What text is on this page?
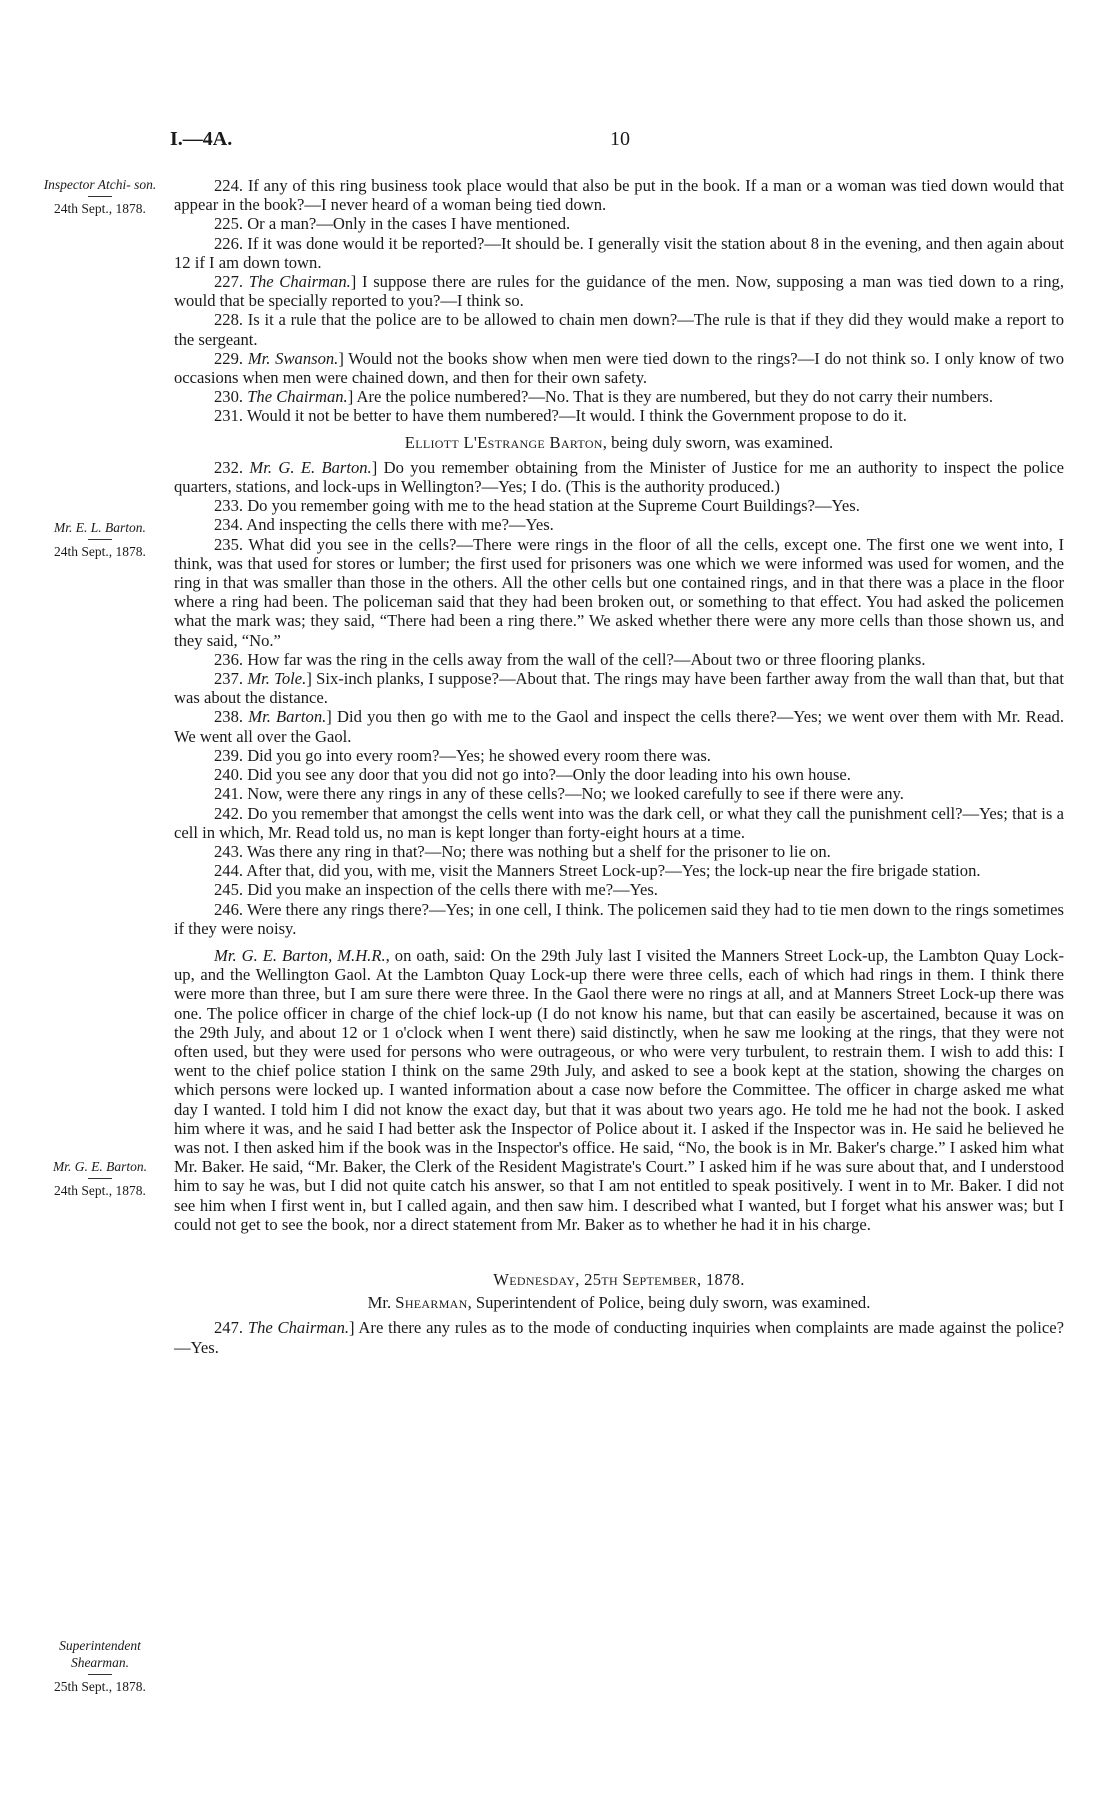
I.—4A.	10
Inspector Atchi- son.
24th Sept., 1878.
Mr. E. L. Barton.
24th Sept., 1878.
Mr. G. E. Barton.
24th Sept., 1878.
Superintendent Shearman.
25th Sept., 1878.

224. If any of this ring business took place would that also be put in the book. If a man or a woman was tied down would that appear in the book?—I never heard of a woman being tied down.

225. Or a man?—Only in the cases I have mentioned.

226. If it was done would it be reported?—It should be. I generally visit the station about 8 in the evening, and then again about 12 if I am down town.

227. The Chairman.] I suppose there are rules for the guidance of the men. Now, supposing a man was tied down to a ring, would that be specially reported to you?—I think so.

228. Is it a rule that the police are to be allowed to chain men down?—The rule is that if they did they would make a report to the sergeant.

229. Mr. Swanson.] Would not the books show when men were tied down to the rings?—I do not think so. I only know of two occasions when men were chained down, and then for their own safety.

230. The Chairman.] Are the police numbered?—No. That is they are numbered, but they do not carry their numbers.

231. Would it not be better to have them numbered?—It would. I think the Government propose to do it.

Elliott L'Estrange Barton, being duly sworn, was examined.

232. Mr. G. E. Barton.] Do you remember obtaining from the Minister of Justice for me an authority to inspect the police quarters, stations, and lock-ups in Wellington?—Yes; I do. (This is the authority produced.)

233. Do you remember going with me to the head station at the Supreme Court Buildings?—Yes.

234. And inspecting the cells there with me?—Yes.

235. What did you see in the cells?—There were rings in the floor of all the cells, except one. The first one we went into, I think, was that used for stores or lumber; the first used for prisoners was one which we were informed was used for women, and the ring in that was smaller than those in the others. All the other cells but one contained rings, and in that there was a place in the floor where a ring had been. The policeman said that they had been broken out, or something to that effect. You had asked the policemen what the mark was; they said, “There had been a ring there.” We asked whether there were any more cells than those shown us, and they said, “No.”

236. How far was the ring in the cells away from the wall of the cell?—About two or three flooring planks.

237. Mr. Tole.] Six-inch planks, I suppose?—About that. The rings may have been farther away from the wall than that, but that was about the distance.

238. Mr. Barton.] Did you then go with me to the Gaol and inspect the cells there?—Yes; we went over them with Mr. Read. We went all over the Gaol.

239. Did you go into every room?—Yes; he showed every room there was.

240. Did you see any door that you did not go into?—Only the door leading into his own house.

241. Now, were there any rings in any of these cells?—No; we looked carefully to see if there were any.

242. Do you remember that amongst the cells went into was the dark cell, or what they call the punishment cell?—Yes; that is a cell in which, Mr. Read told us, no man is kept longer than forty-eight hours at a time.

243. Was there any ring in that?—No; there was nothing but a shelf for the prisoner to lie on.

244. After that, did you, with me, visit the Manners Street Lock-up?—Yes; the lock-up near the fire brigade station.

245. Did you make an inspection of the cells there with me?—Yes.

246. Were there any rings there?—Yes; in one cell, I think. The policemen said they had to tie men down to the rings sometimes if they were noisy.

Mr. G. E. Barton, M.H.R., on oath, said: On the 29th July last I visited the Manners Street Lock-up, the Lambton Quay Lock-up, and the Wellington Gaol. At the Lambton Quay Lock-up there were three cells, each of which had rings in them. I think there were more than three, but I am sure there were three. In the Gaol there were no rings at all, and at Manners Street Lock-up there was one. The police officer in charge of the chief lock-up (I do not know his name, but that can easily be ascertained, because it was on the 29th July, and about 12 or 1 o'clock when I went there) said distinctly, when he saw me looking at the rings, that they were not often used, but they were used for persons who were outrageous, or who were very turbulent, to restrain them. I wish to add this: I went to the chief police station I think on the same 29th July, and asked to see a book kept at the station, showing the charges on which persons were locked up. I wanted information about a case now before the Committee. The officer in charge asked me what day I wanted. I told him I did not know the exact day, but that it was about two years ago. He told me he had not the book. I asked him where it was, and he said I had better ask the Inspector of Police about it. I asked if the Inspector was in. He said he believed he was not. I then asked him if the book was in the Inspector's office. He said, “No, the book is in Mr. Baker's charge.” I asked him what Mr. Baker. He said, “Mr. Baker, the Clerk of the Resident Magistrate's Court.” I asked him if he was sure about that, and I understood him to say he was, but I did not quite catch his answer, so that I am not entitled to speak positively. I went in to Mr. Baker. I did not see him when I first went in, but I called again, and then saw him. I described what I wanted, but I forget what his answer was; but I could not get to see the book, nor a direct statement from Mr. Baker as to whether he had it in his charge.

Wednesday, 25th September, 1878.

Mr. Shearman, Superintendent of Police, being duly sworn, was examined.

247. The Chairman.] Are there any rules as to the mode of conducting inquiries when complaints are made against the police?—Yes.
